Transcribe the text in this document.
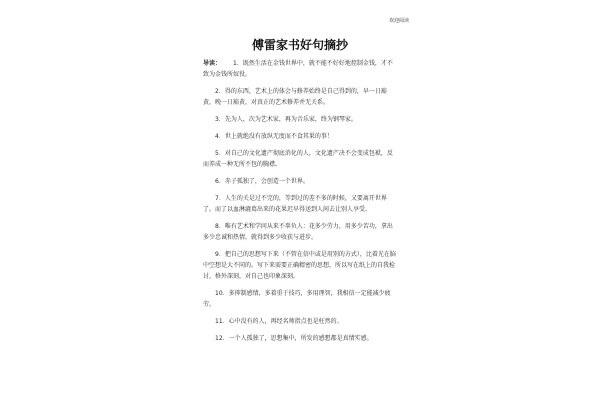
欢迎阅读
傅雷家书好句摘抄

导读： 1．既然生活在金钱世界中，就不能不好好地控制金钱，才不致为金钱所奴役。

2．得的东西，艺术上的体会与修养始终是自己得到的，早一日豁黄，晚一日豁黄，对真正的艺术修养并无关系。

3．先为人，次为艺术家，再为音乐家，终为钢琴家。

4．世上就绝没有放纵无度而不食其果的事！

5．对自己的文化遗产彻底消化的人，文化遗产决不会变成包袱，反而养成一种无所不包的胸襟。

6．赤子孤独了，会创造一个世界。

7．人生的关是过不完的，等到过的差不多的时候，又要离开世界了。而了以血淋漉葛出来的花果迟早得送到人间去让别人享受。

8．唯有艺术和学问从来不辜负人：花多少劳力，用多少苦功，拿出多少忠诚和热情，就得到多少收获与进步。

9．把自己的思想写下来（不管在信中或是用别的方式），比着光在脑中空想是大不同的。写下来需要正确精密的思想，所以写在纸上的自我检讨，格外深刻，对自己也印象深刻。

10．多抑制感情，多着重于技巧，多用理智，我相信一定能减少疲劳。

11．心中没有的人，再经名师指点也是枉然的。

12．一个人孤独了，思想集中，所发的感想都是真情实感。
